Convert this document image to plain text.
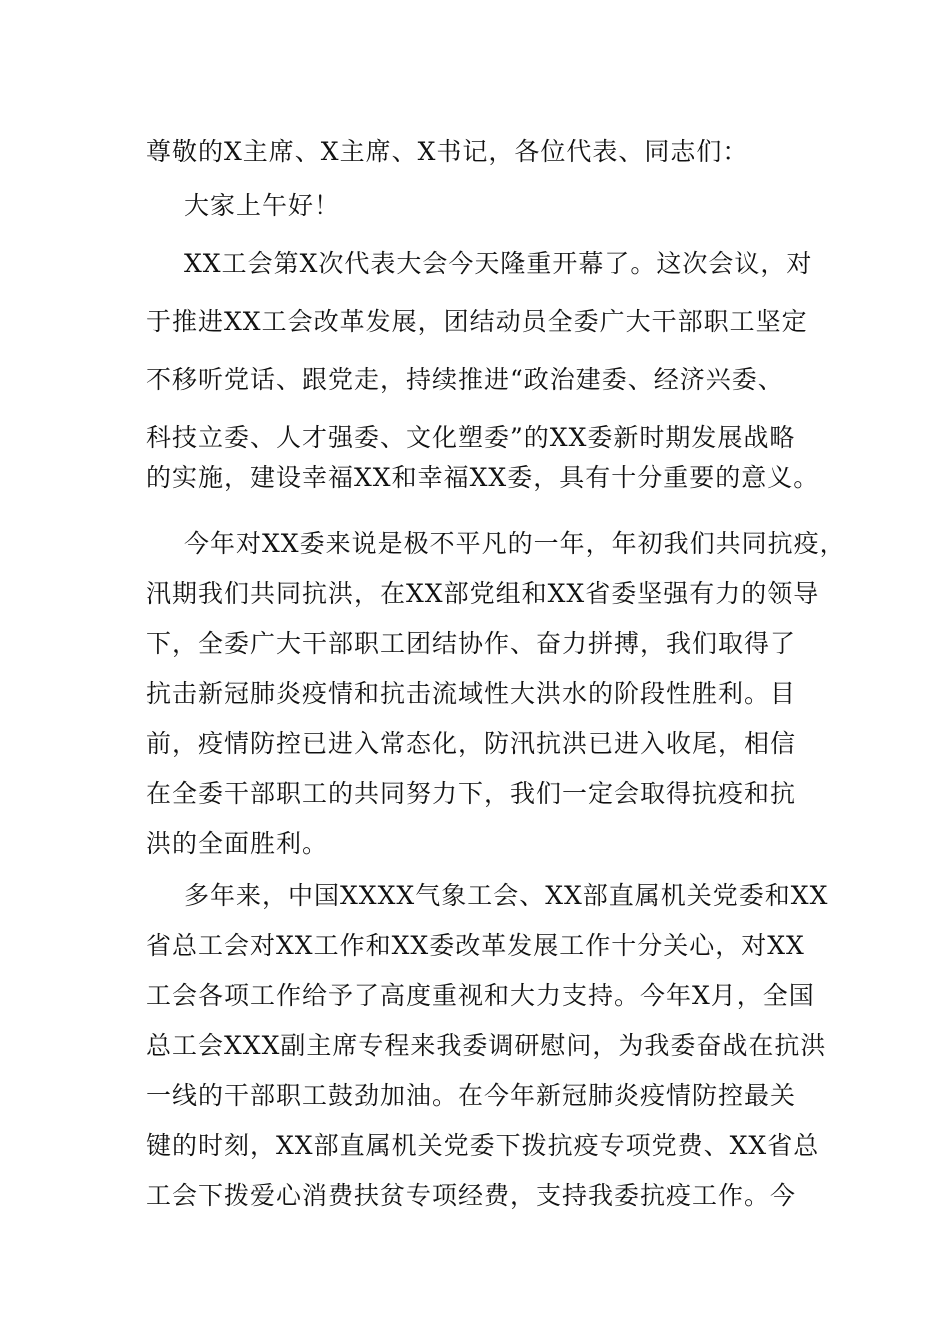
尊敬的X主席、X主席、X书记，各位代表、同志们：
大家上午好！
XX工会第X次代表大会今天隆重开幕了。这次会议，对
于推进XX工会改革发展，团结动员全委广大干部职工坚定
不移听党话、跟党走，持续推进“政治建委、经济兴委、
科技立委、人才强委、文化塑委”的XX委新时期发展战略
的实施，建设幸福XX和幸福XX委，具有十分重要的意义。
今年对XX委来说是极不平凡的一年，年初我们共同抗疫，
汛期我们共同抗洪，在XX部党组和XX省委坚强有力的领导
下，全委广大干部职工团结协作、奋力拼搏，我们取得了
抗击新冠肺炎疫情和抗击流域性大洪水的阶段性胜利。目
前，疫情防控已进入常态化，防汛抗洪已进入收尾，相信
在全委干部职工的共同努力下，我们一定会取得抗疫和抗
洪的全面胜利。
多年来，中国XXXX气象工会、XX部直属机关党委和XX
省总工会对XX工作和XX委改革发展工作十分关心，对XX
工会各项工作给予了高度重视和大力支持。今年X月，全国
总工会XXX副主席专程来我委调研慰问，为我委奋战在抗洪
一线的干部职工鼓劲加油。在今年新冠肺炎疫情防控最关
键的时刻，XX部直属机关党委下拨抗疫专项党费、XX省总
工会下拨爱心消费扶贫专项经费，支持我委抗疫工作。今
